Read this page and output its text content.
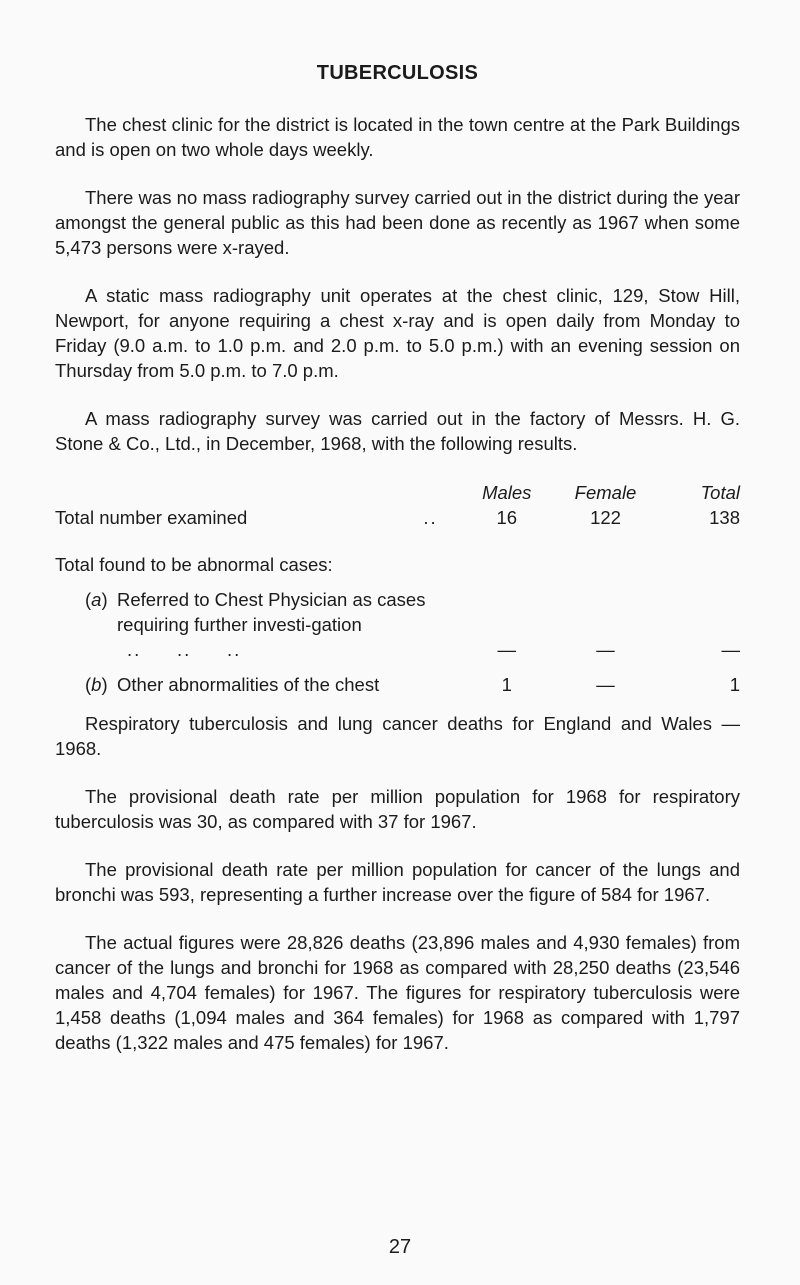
TUBERCULOSIS

The chest clinic for the district is located in the town centre at the Park Buildings and is open on two whole days weekly.

There was no mass radiography survey carried out in the district during the year amongst the general public as this had been done as recently as 1967 when some 5,473 persons were x-rayed.

A static mass radiography unit operates at the chest clinic, 129, Stow Hill, Newport, for anyone requiring a chest x-ray and is open daily from Monday to Friday (9.0 a.m. to 1.0 p.m. and 2.0 p.m. to 5.0 p.m.) with an evening session on Thursday from 5.0 p.m. to 7.0 p.m.

A mass radiography survey was carried out in the factory of Messrs. H. G. Stone & Co., Ltd., in December, 1968, with the following results.

	Males	Female	Total
Total number examined ..	16	122	138

Total found to be abnormal cases:			

(a) Referred to Chest Physician as cases requiring further investi-gation ..     ..     ..	—	—	—

(b) Other abnormalities of the chest	1	—	1

Respiratory tuberculosis and lung cancer deaths for England and Wales — 1968.

The provisional death rate per million population for 1968 for respiratory tuberculosis was 30, as compared with 37 for 1967.

The provisional death rate per million population for cancer of the lungs and bronchi was 593, representing a further increase over the figure of 584 for 1967.

The actual figures were 28,826 deaths (23,896 males and 4,930 females) from cancer of the lungs and bronchi for 1968 as compared with 28,250 deaths (23,546 males and 4,704 females) for 1967. The figures for respiratory tuberculosis were 1,458 deaths (1,094 males and 364 females) for 1968 as compared with 1,797 deaths (1,322 males and 475 females) for 1967.

27
